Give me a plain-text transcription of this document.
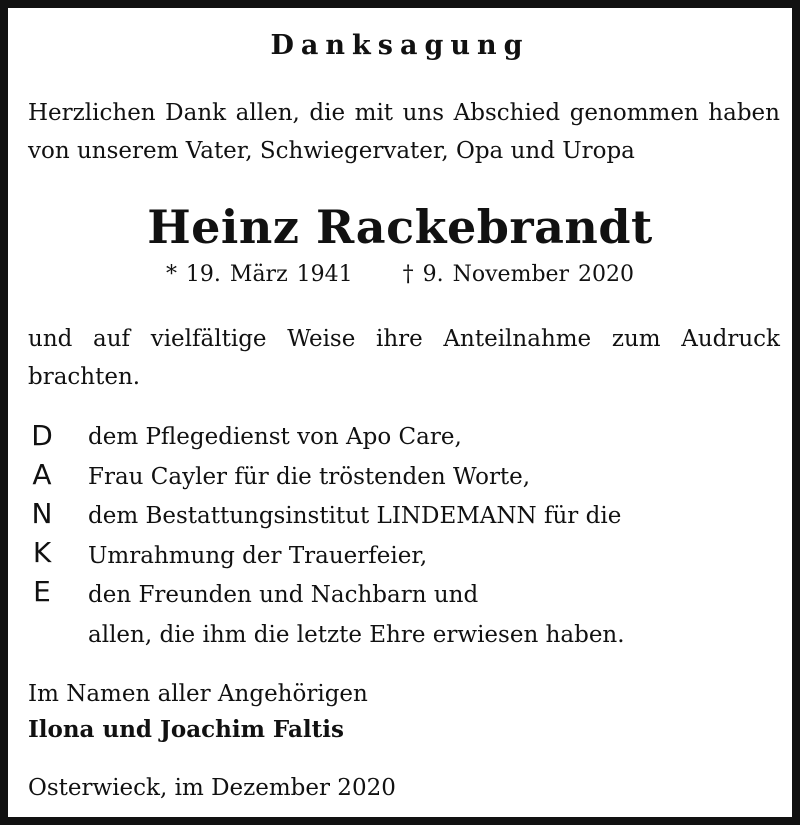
Danksagung
Herzlichen Dank allen, die mit uns Abschied genommen haben von unserem Vater, Schwiegervater, Opa und Uropa
Heinz Rackebrandt
* 19. März 1941 † 9. November 2020
und auf vielfältige Weise ihre Anteilnahme zum Audruck brachten.
D
A
N
K
E
dem Pflegedienst von Apo Care,
Frau Cayler für die tröstenden Worte,
dem Bestattungsinstitut LINDEMANN für die
Umrahmung der Trauerfeier,
den Freunden und Nachbarn und
allen, die ihm die letzte Ehre erwiesen haben.
Im Namen aller Angehörigen
Ilona und Joachim Faltis
Osterwieck, im Dezember 2020
